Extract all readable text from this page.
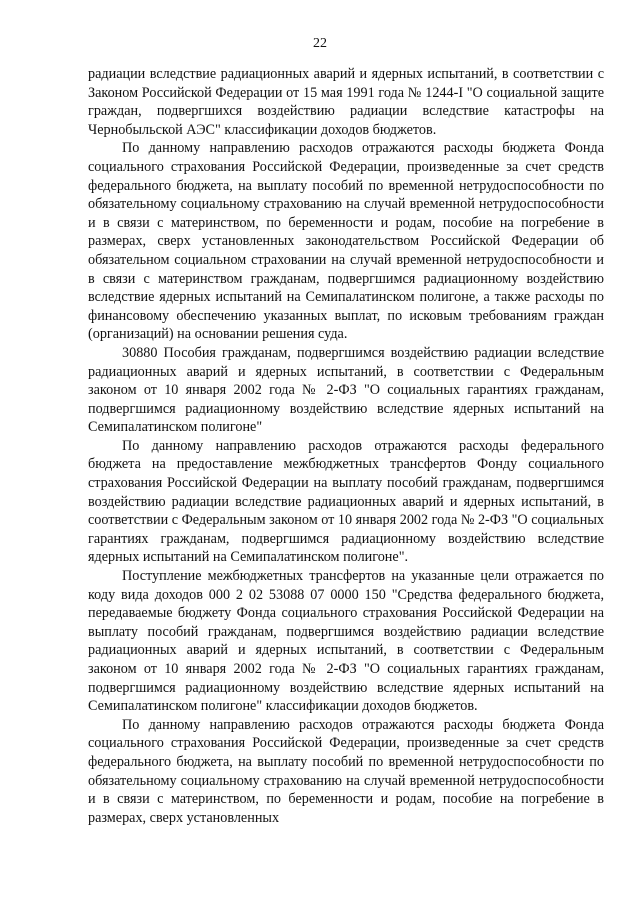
22

радиации вследствие радиационных аварий и ядерных испытаний, в соответствии с Законом Российской Федерации от 15 мая 1991 года № 1244-I "О социальной защите граждан, подвергшихся воздействию радиации вследствие катастрофы на Чернобыльской АЭС" классификации доходов бюджетов.

По данному направлению расходов отражаются расходы бюджета Фонда социального страхования Российской Федерации, произведенные за счет средств федерального бюджета, на выплату пособий по временной нетрудоспособности по обязательному социальному страхованию на случай временной нетрудоспособности и в связи с материнством, по беременности и родам, пособие на погребение в размерах, сверх установленных законодательством Российской Федерации об обязательном социальном страховании на случай временной нетрудоспособности и в связи с материнством гражданам, подвергшимся радиационному воздействию вследствие ядерных испытаний на Семипалатинском полигоне, а также расходы по финансовому обеспечению указанных выплат, по исковым требованиям граждан (организаций) на основании решения суда.

30880 Пособия гражданам, подвергшимся воздействию радиации вследствие радиационных аварий и ядерных испытаний, в соответствии с Федеральным законом от 10 января 2002 года № 2-ФЗ "О социальных гарантиях гражданам, подвергшимся радиационному воздействию вследствие ядерных испытаний на Семипалатинском полигоне"

По данному направлению расходов отражаются расходы федерального бюджета на предоставление межбюджетных трансфертов Фонду социального страхования Российской Федерации на выплату пособий гражданам, подвергшимся воздействию радиации вследствие радиационных аварий и ядерных испытаний, в соответствии с Федеральным законом от 10 января 2002 года № 2-ФЗ "О социальных гарантиях гражданам, подвергшимся радиационному воздействию вследствие ядерных испытаний на Семипалатинском полигоне".

Поступление межбюджетных трансфертов на указанные цели отражается по коду вида доходов 000 2 02 53088 07 0000 150 "Средства федерального бюджета, передаваемые бюджету Фонда социального страхования Российской Федерации на выплату пособий гражданам, подвергшимся воздействию радиации вследствие радиационных аварий и ядерных испытаний, в соответствии с Федеральным законом от 10 января 2002 года № 2-ФЗ "О социальных гарантиях гражданам, подвергшимся радиационному воздействию вследствие ядерных испытаний на Семипалатинском полигоне" классификации доходов бюджетов.

По данному направлению расходов отражаются расходы бюджета Фонда социального страхования Российской Федерации, произведенные за счет средств федерального бюджета, на выплату пособий по временной нетрудоспособности по обязательному социальному страхованию на случай временной нетрудоспособности и в связи с материнством, по беременности и родам, пособие на погребение в размерах, сверх установленных
